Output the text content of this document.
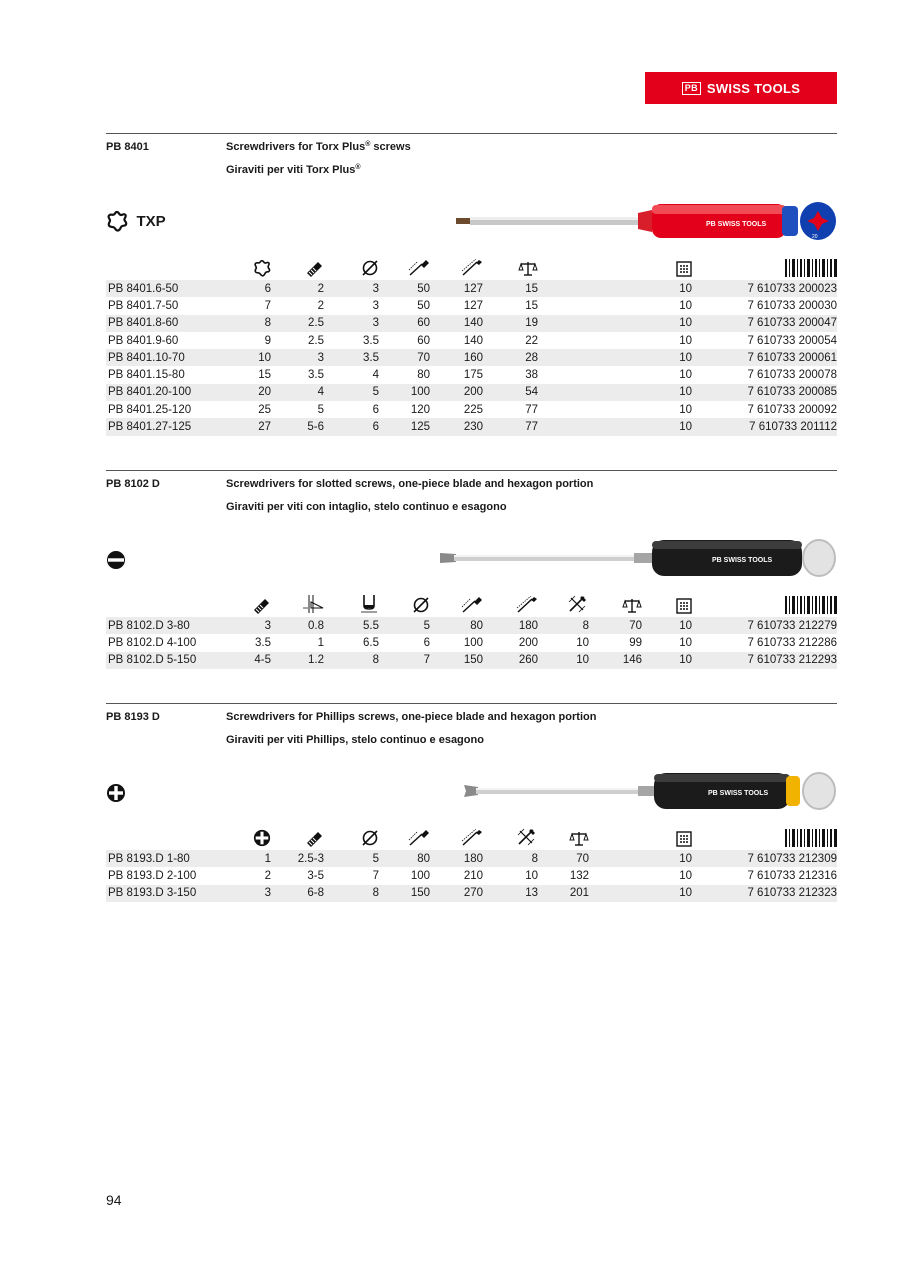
PB SWISS TOOLS
PB 8401	Screwdrivers for Torx Plus® screws
Giraviti per viti Torx Plus®
TXP	PB SWISS TOOLS
20

PB 8401.6-50	6	2	3	50	127	15	10	7 610733 200023
PB 8401.7-50	7	2	3	50	127	15	10	7 610733 200030
PB 8401.8-60	8	2.5	3	60	140	19	10	7 610733 200047
PB 8401.9-60	9	2.5	3.5	60	140	22	10	7 610733 200054
PB 8401.10-70	10	3	3.5	70	160	28	10	7 610733 200061
PB 8401.15-80	15	3.5	4	80	175	38	10	7 610733 200078
PB 8401.20-100	20	4	5	100	200	54	10	7 610733 200085
PB 8401.25-120	25	5	6	120	225	77	10	7 610733 200092
PB 8401.27-125	27	5-6	6	125	230	77	10	7 610733 201112
PB 8102 D	Screwdrivers for slotted screws, one-piece blade and hexagon portion
Giraviti per viti con intaglio, stelo continuo e esagono
PB SWISS TOOLS

PB 8102.D 3-80	3	0.8	5.5	5	80	180	8	70	10	7 610733 212279
PB 8102.D 4-100	3.5	1	6.5	6	100	200	10	99	10	7 610733 212286
PB 8102.D 5-150	4-5	1.2	8	7	150	260	10	146	10	7 610733 212293
PB 8193 D	Screwdrivers for Phillips screws, one-piece blade and hexagon portion
Giraviti per viti Phillips, stelo continuo e esagono
PB SWISS TOOLS

PB 8193.D 1-80	1	2.5-3	5	80	180	8	70	10	7 610733 212309
PB 8193.D 2-100	2	3-5	7	100	210	10	132	10	7 610733 212316
PB 8193.D 3-150	3	6-8	8	150	270	13	201	10	7 610733 212323
94
